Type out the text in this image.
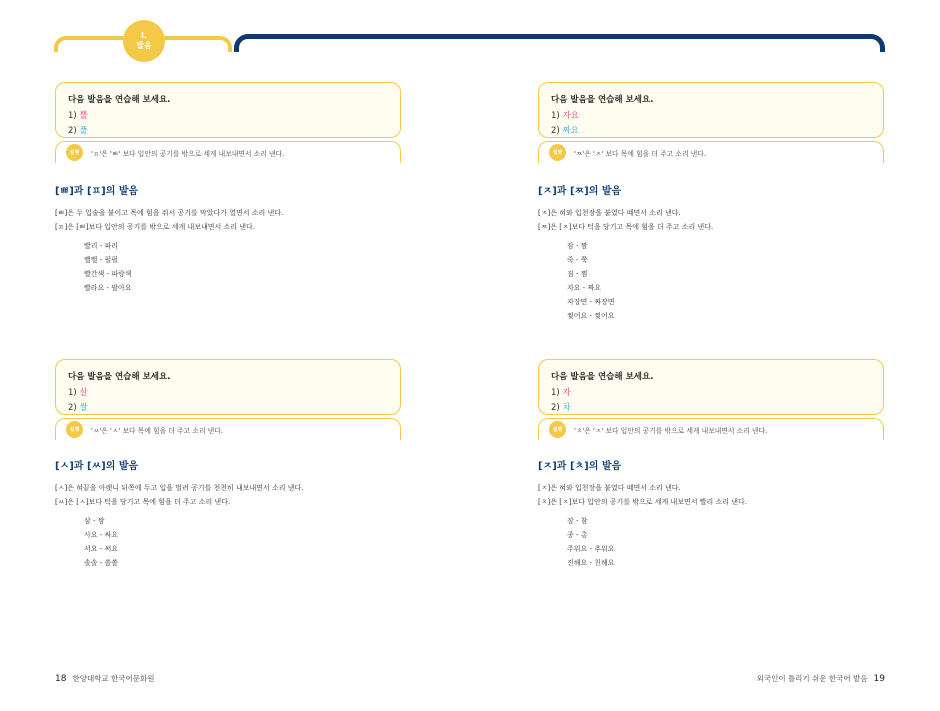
I.
발음
다음 발음을 연습해 보세요.
1) 뿔
2) 풀
설명	'ㅍ'은 'ㅃ' 보다 입안의 공기를 밖으로 세게 내보내면서 소리 낸다.
[ㅃ]과 [ㅍ]의 발음
[ㅃ]은 두 입술을 붙이고 목에 힘을 줘서 공기를 막았다가 열면서 소리 낸다.
[ㅍ]은 [ㅃ]보다 입안의 공기를 밖으로 세게 내보내면서 소리 낸다.
빨리 - 파리
뻘뻘 - 펄펄
빨간색 - 파랑색
빨라요 - 팔아요
다음 발음을 연습해 보세요.
1) 자요
2) 짜요
설명	'ㅉ'은 'ㅈ' 보다 목에 힘을 더 주고 소리 낸다.
[ㅈ]과 [ㅉ]의 발음
[ㅈ]은 혀와 입천장을 붙였다 떼면서 소리 낸다.
[ㅉ]은 [ㅈ]보다 턱을 당기고 목에 힘을 더 주고 소리 낸다.
잠 - 짬
죽 - 쭉
짐 - 찜
자요 - 짜요
자장면 - 짜장면
찢어요 - 찢어요
다음 발음을 연습해 보세요.
1) 살
2) 쌀
설명	'ㅆ'은 'ㅅ' 보다 목에 힘을 더 주고 소리 낸다.
[ㅅ]과 [ㅆ]의 발음
[ㅅ]은 혀끝을 아랫니 뒤쪽에 두고 입을 벌려 공기를 천천히 내보내면서 소리 낸다.
[ㅆ]은 [ㅅ]보다 턱을 당기고 목에 힘을 더 주고 소리 낸다.
삼 - 쌈
사요 - 싸요
서요 - 써요
솔솔 - 쏠쏠
다음 발음을 연습해 보세요.
1) 자
2) 차
설명	'ㅊ'은 'ㅈ' 보다 입안의 공기를 밖으로 세게 내보내면서 소리 낸다.
[ㅈ]과 [ㅊ]의 발음
[ㅈ]은 혀와 입천장을 붙였다 떼면서 소리 낸다.
[ㅊ]은 [ㅈ]보다 입안의 공기를 밖으로 세게 내보면서 빨리 소리 낸다.
잠 - 참
종 - 총
주워요 - 추워요
진해요 - 친해요
18 한양대학교 한국어문화원	외국인이 틀리기 쉬운 한국어 발음 19
